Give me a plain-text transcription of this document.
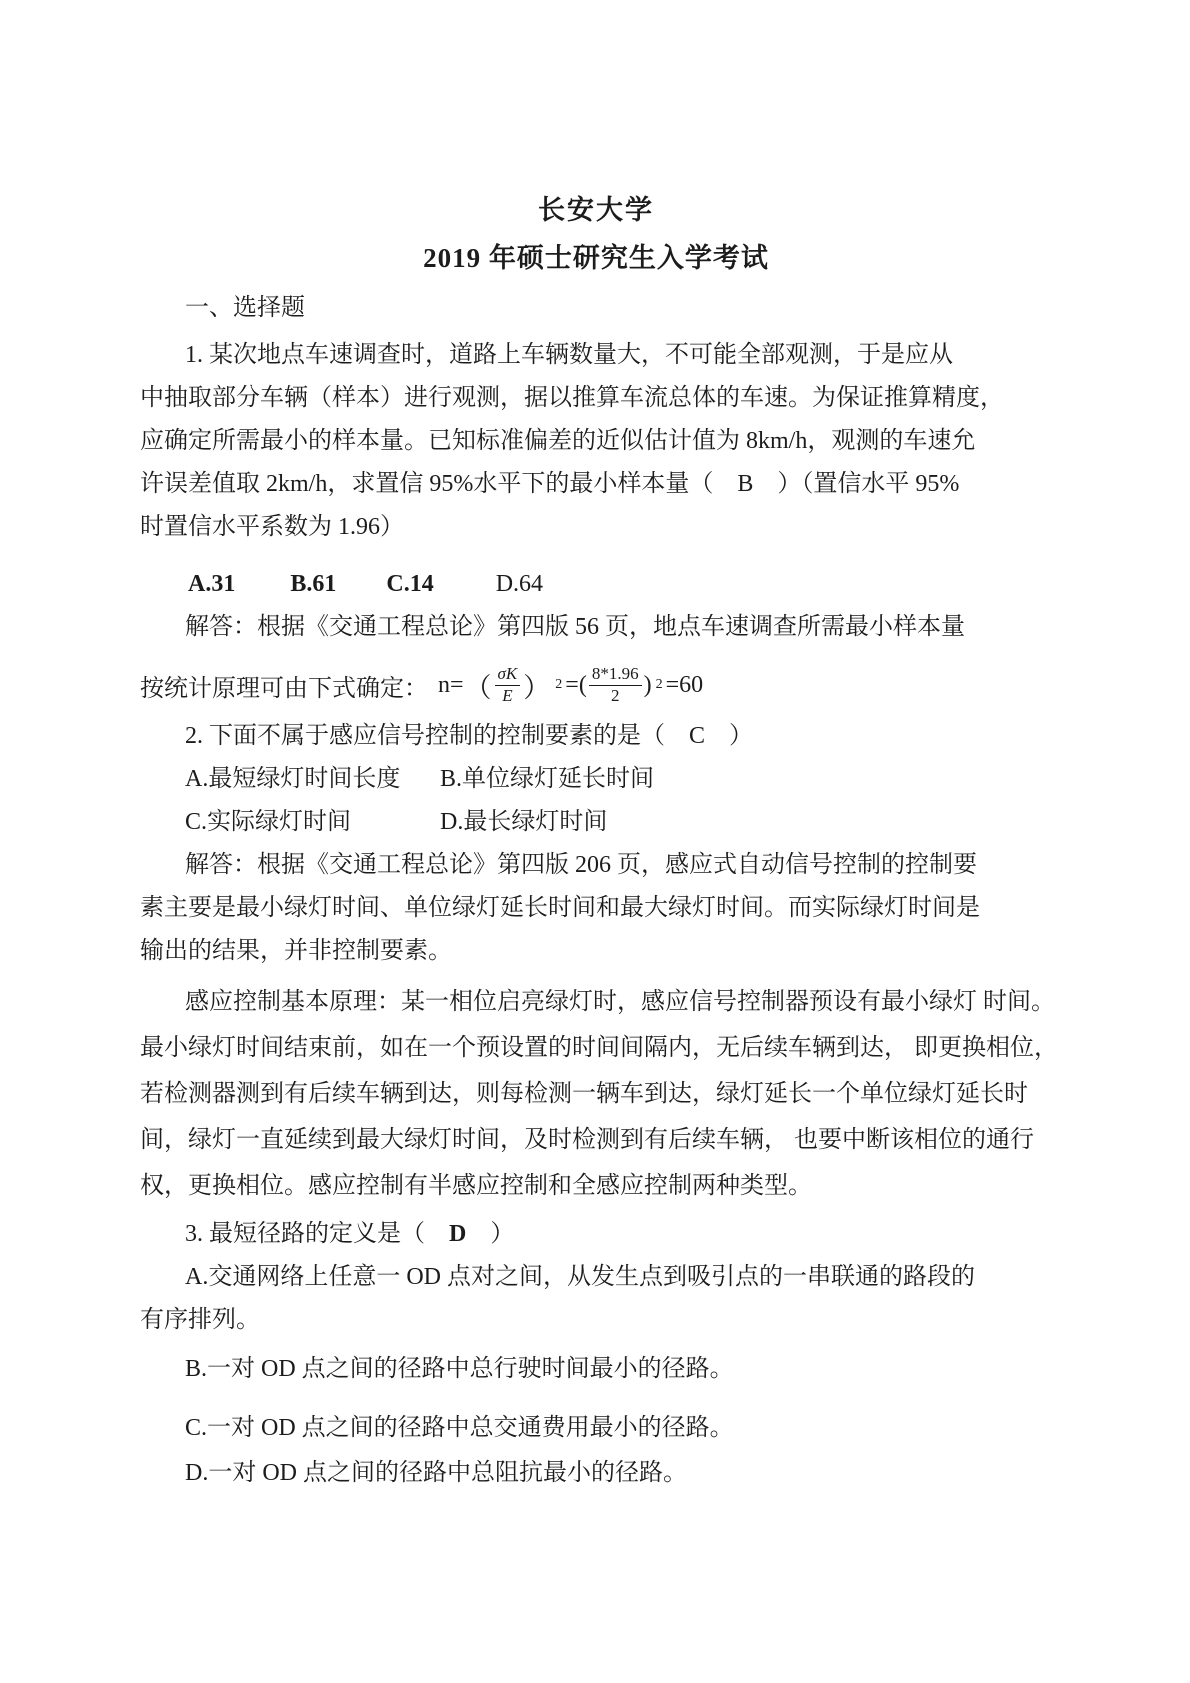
长安大学
2019 年硕士研究生入学考试
一、选择题
1. 某次地点车速调查时，道路上车辆数量大，不可能全部观测，于是应从
中抽取部分车辆（样本）进行观测，据以推算车流总体的车速。为保证推算精度，
应确定所需最小的样本量。已知标准偏差的近似估计值为 8km/h，观测的车速允
许误差值取 2km/h，求置信 95%水平下的最小样本量（　B　）（置信水平 95%
时置信水平系数为 1.96）
A.31 B.61 C.14	D.64
解答：根据《交通工程总论》第四版 56 页，地点车速调查所需最小样本量
按统计原理可由下式确定： n= （ $\frac{\sigma K}{E}$ ） 2 =( $\frac{8*1.96}{2}$ ) 2 =60
2. 下面不属于感应信号控制的控制要素的是（　C　）
A.最短绿灯时间长度 B.单位绿灯延长时间
C.实际绿灯时间	D.最长绿灯时间
解答：根据《交通工程总论》第四版 206 页，感应式自动信号控制的控制要
素主要是最小绿灯时间、单位绿灯延长时间和最大绿灯时间。而实际绿灯时间是
输出的结果，并非控制要素。
感应控制基本原理：某一相位启亮绿灯时，感应信号控制器预设有最小绿灯 时间。
最小绿灯时间结束前，如在一个预设置的时间间隔内，无后续车辆到达， 即更换相位，
若检测器测到有后续车辆到达，则每检测一辆车到达，绿灯延长一个单位绿灯延长时
间，绿灯一直延续到最大绿灯时间，及时检测到有后续车辆， 也要中断该相位的通行
权，更换相位。感应控制有半感应控制和全感应控制两种类型。
3. 最短径路的定义是（　D　）
A.交通网络上任意一 OD 点对之间，从发生点到吸引点的一串联通的路段的
有序排列。
B.一对 OD 点之间的径路中总行驶时间最小的径路。
C.一对 OD 点之间的径路中总交通费用最小的径路。
D.一对 OD 点之间的径路中总阻抗最小的径路。
